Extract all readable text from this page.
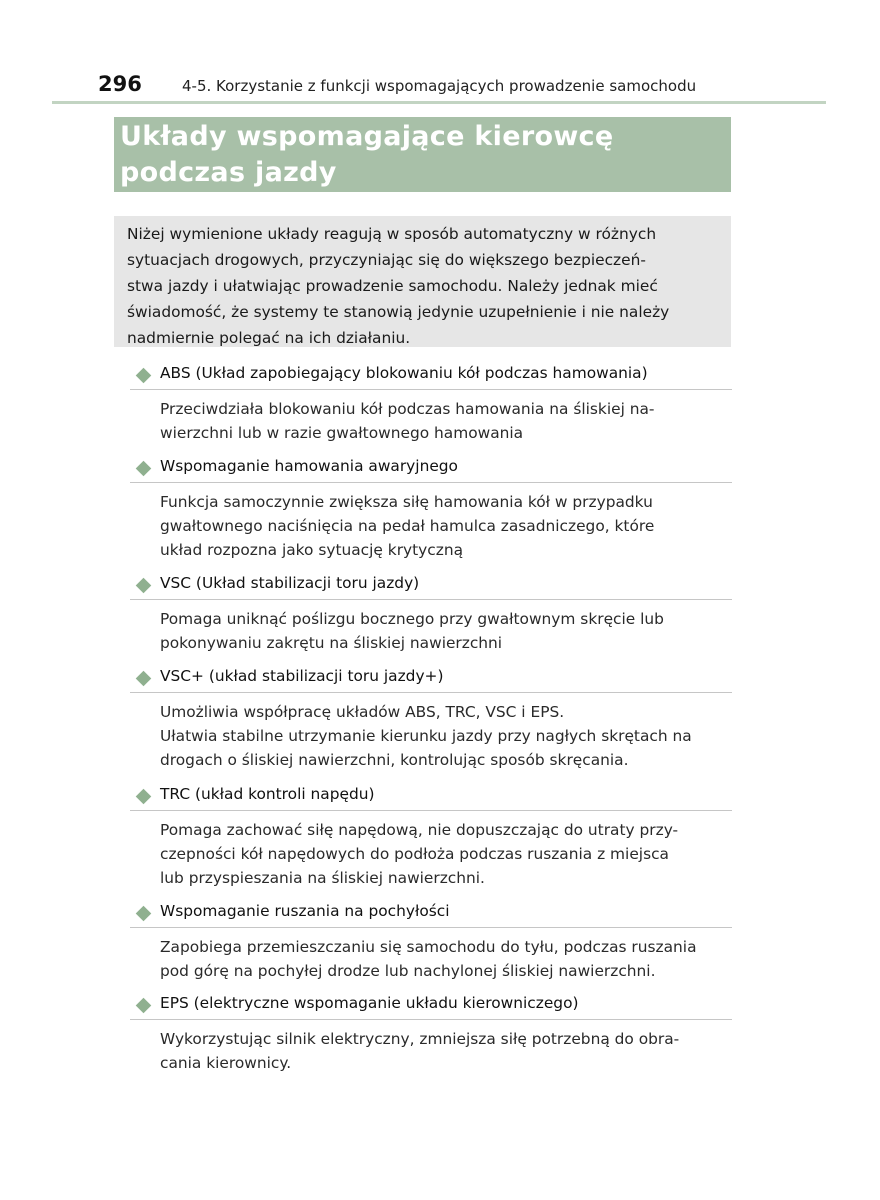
296	4-5. Korzystanie z funkcji wspomagających prowadzenie samochodu
Układy wspomagające kierowcę
podczas jazdy

Niżej wymienione układy reagują w sposób automatyczny w różnych

sytuacjach drogowych, przyczyniając się do większego bezpieczeń-

stwa jazdy i ułatwiając prowadzenie samochodu. Należy jednak mieć

świadomość, że systemy te stanowią jedynie uzupełnienie i nie należy

nadmiernie polegać na ich działaniu.

ABS (Układ zapobiegający blokowaniu kół podczas hamowania)

Przeciwdziała blokowaniu kół podczas hamowania na śliskiej na-

wierzchni lub w razie gwałtownego hamowania

Wspomaganie hamowania awaryjnego

Funkcja samoczynnie zwiększa siłę hamowania kół w przypadku

gwałtownego naciśnięcia na pedał hamulca zasadniczego, które

układ rozpozna jako sytuację krytyczną

VSC (Układ stabilizacji toru jazdy)

Pomaga uniknąć poślizgu bocznego przy gwałtownym skręcie lub

pokonywaniu zakrętu na śliskiej nawierzchni

VSC+ (układ stabilizacji toru jazdy+)

Umożliwia współpracę układów ABS, TRC, VSC i EPS.

Ułatwia stabilne utrzymanie kierunku jazdy przy nagłych skrętach na

drogach o śliskiej nawierzchni, kontrolując sposób skręcania.

TRC (układ kontroli napędu)

Pomaga zachować siłę napędową, nie dopuszczając do utraty przy-

czepności kół napędowych do podłoża podczas ruszania z miejsca

lub przyspieszania na śliskiej nawierzchni.

Wspomaganie ruszania na pochyłości

Zapobiega przemieszczaniu się samochodu do tyłu, podczas ruszania

pod górę na pochyłej drodze lub nachylonej śliskiej nawierzchni.

EPS (elektryczne wspomaganie układu kierowniczego)

Wykorzystując silnik elektryczny, zmniejsza siłę potrzebną do obra-

cania kierownicy.
